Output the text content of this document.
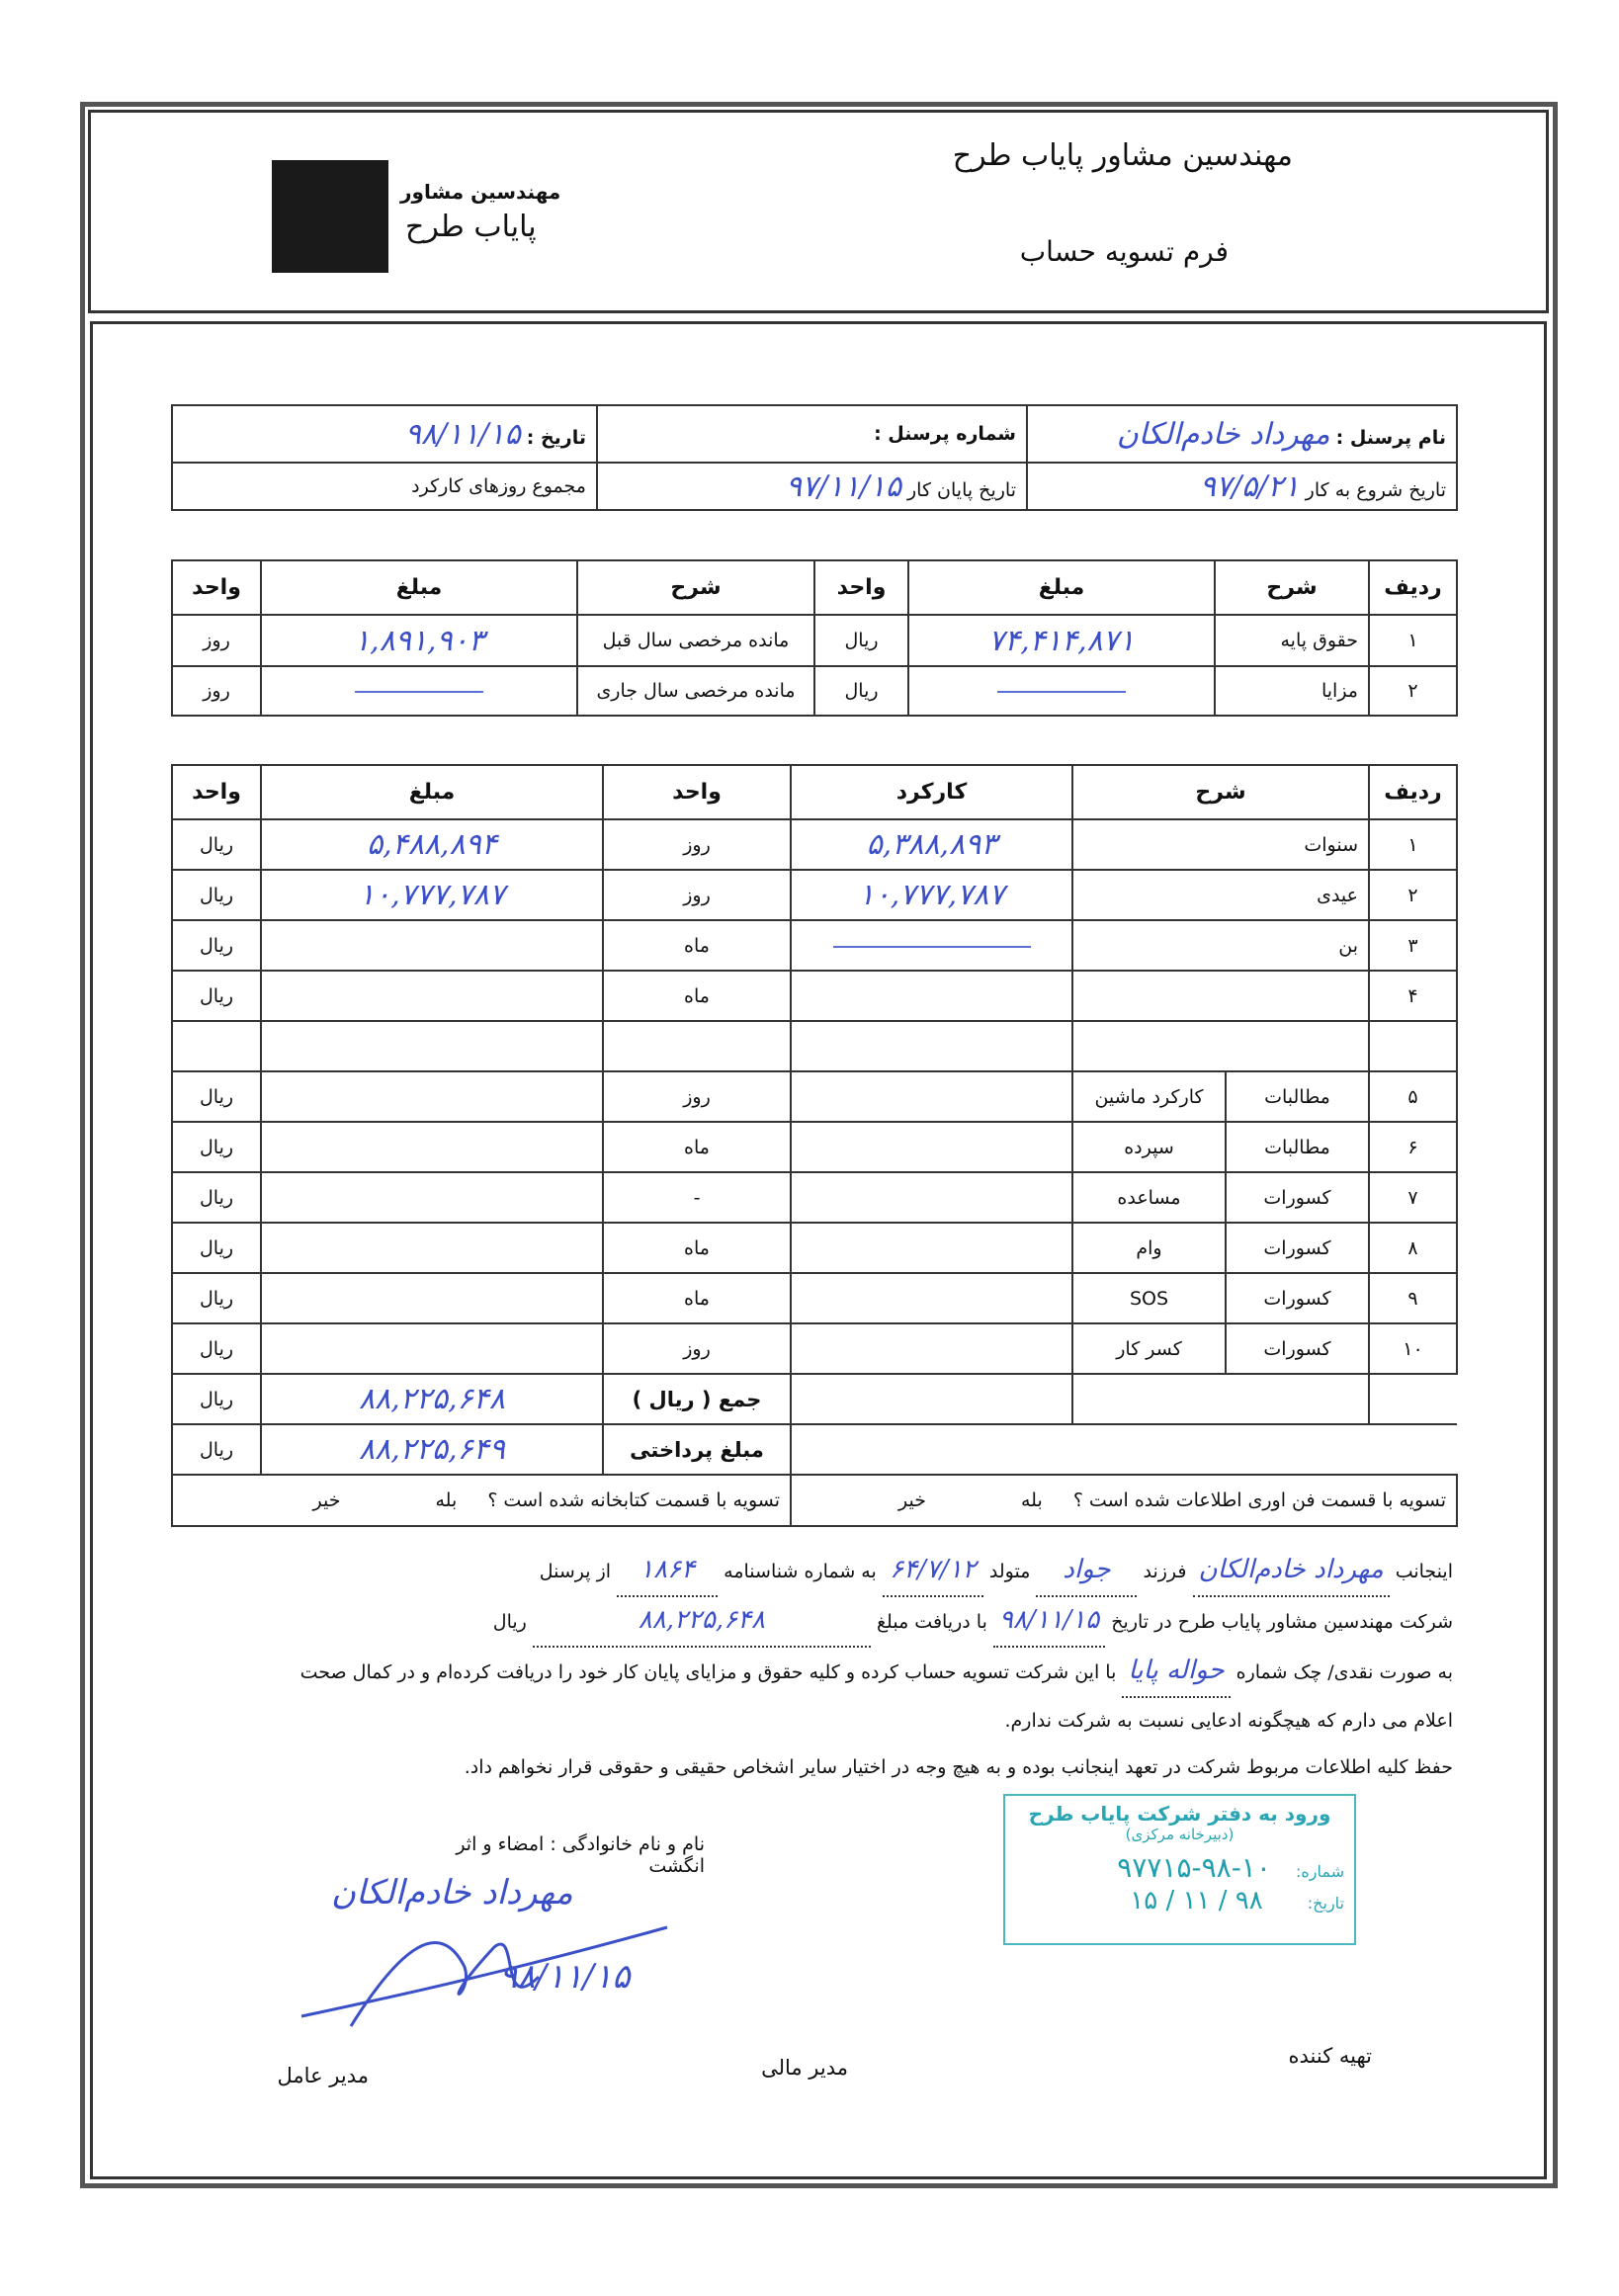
مهندسین مشاور پایاب طرح
فرم تسویه حساب
مهندسین مشاور
پایاب طرح
نام پرسنل : مهرداد خادم‌الکان	شماره پرسنل :	تاریخ : ۹۸/۱۱/۱۵
تاریخ شروع به کار ۹۷/۵/۲۱	تاریخ پایان کار ۹۷/۱۱/۱۵	مجموع روزهای کارکرد
ردیف	شرح	مبلغ	واحد	شرح	مبلغ	واحد
۱	حقوق پایه	۷۴,۴۱۴,۸۷۱	ریال	مانده مرخصی سال قبل	۱,۸۹۱,۹۰۳	روز
۲	مزایا		ریال	مانده مرخصی سال جاری		روز
ردیف	شرح		کارکرد	واحد	مبلغ	واحد
۱	سنوات		۵,۳۸۸,۸۹۳	روز	۵,۴۸۸,۸۹۴	ریال
۲	عیدی		۱۰,۷۷۷,۷۸۷	روز	۱۰,۷۷۷,۷۸۷	ریال
۳	بن			ماه		ریال
۴				ماه		ریال

۵	مطالبات	کارکرد ماشین		روز		ریال
۶	مطالبات	سپرده		ماه		ریال
۷	کسورات	مساعده		-		ریال
۸	کسورات	وام		ماه		ریال
۹	کسورات	SOS		ماه		ریال
۱۰	کسورات	کسر کار		روز		ریال
				جمع ( ریال )	۸۸,۲۲۵,۶۴۸	ریال
				مبلغ پرداختی	۸۸,۲۲۵,۶۴۹	ریال
تسویه با قسمت فن اوری اطلاعات شده است ؟ بله خیر				تسویه با قسمت کتابخانه شده است ؟ بله خیر		
اینجانب مهرداد خادم‌الکان فرزند جواد متولد ۶۴/۷/۱۲ به شماره شناسنامه ۱۸۶۴ از پرسنل
شرکت مهندسین مشاور پایاب طرح در تاریخ ۹۸/۱۱/۱۵ با دریافت مبلغ ۸۸,۲۲۵,۶۴۸ ریال
به صورت نقدی/ چک شماره حواله پایا با این شرکت تسویه حساب کرده و کلیه حقوق و مزایای پایان کار خود را دریافت کرده‌ام و در کمال صحت
اعلام می دارم که هیچگونه ادعایی نسبت به شرکت ندارم.
حفظ کلیه اطلاعات مربوط شرکت در تعهد اینجانب بوده و به هیچ وجه در اختیار سایر اشخاص حقیقی و حقوقی قرار نخواهم داد.
نام و نام خانوادگی : امضاء و اثر انگشت
مهرداد خادم‌الکان
۹۸/۱۱/۱۵
ورود به دفتر شرکت پایاب طرح
(دبیرخانه مرکزی)
شماره: ۱۰-۹۸-۹۷۷۱۵
تاریخ: ۹۸ / ۱۱ / ۱۵
تهیه کننده
مدیر مالی
مدیر عامل
